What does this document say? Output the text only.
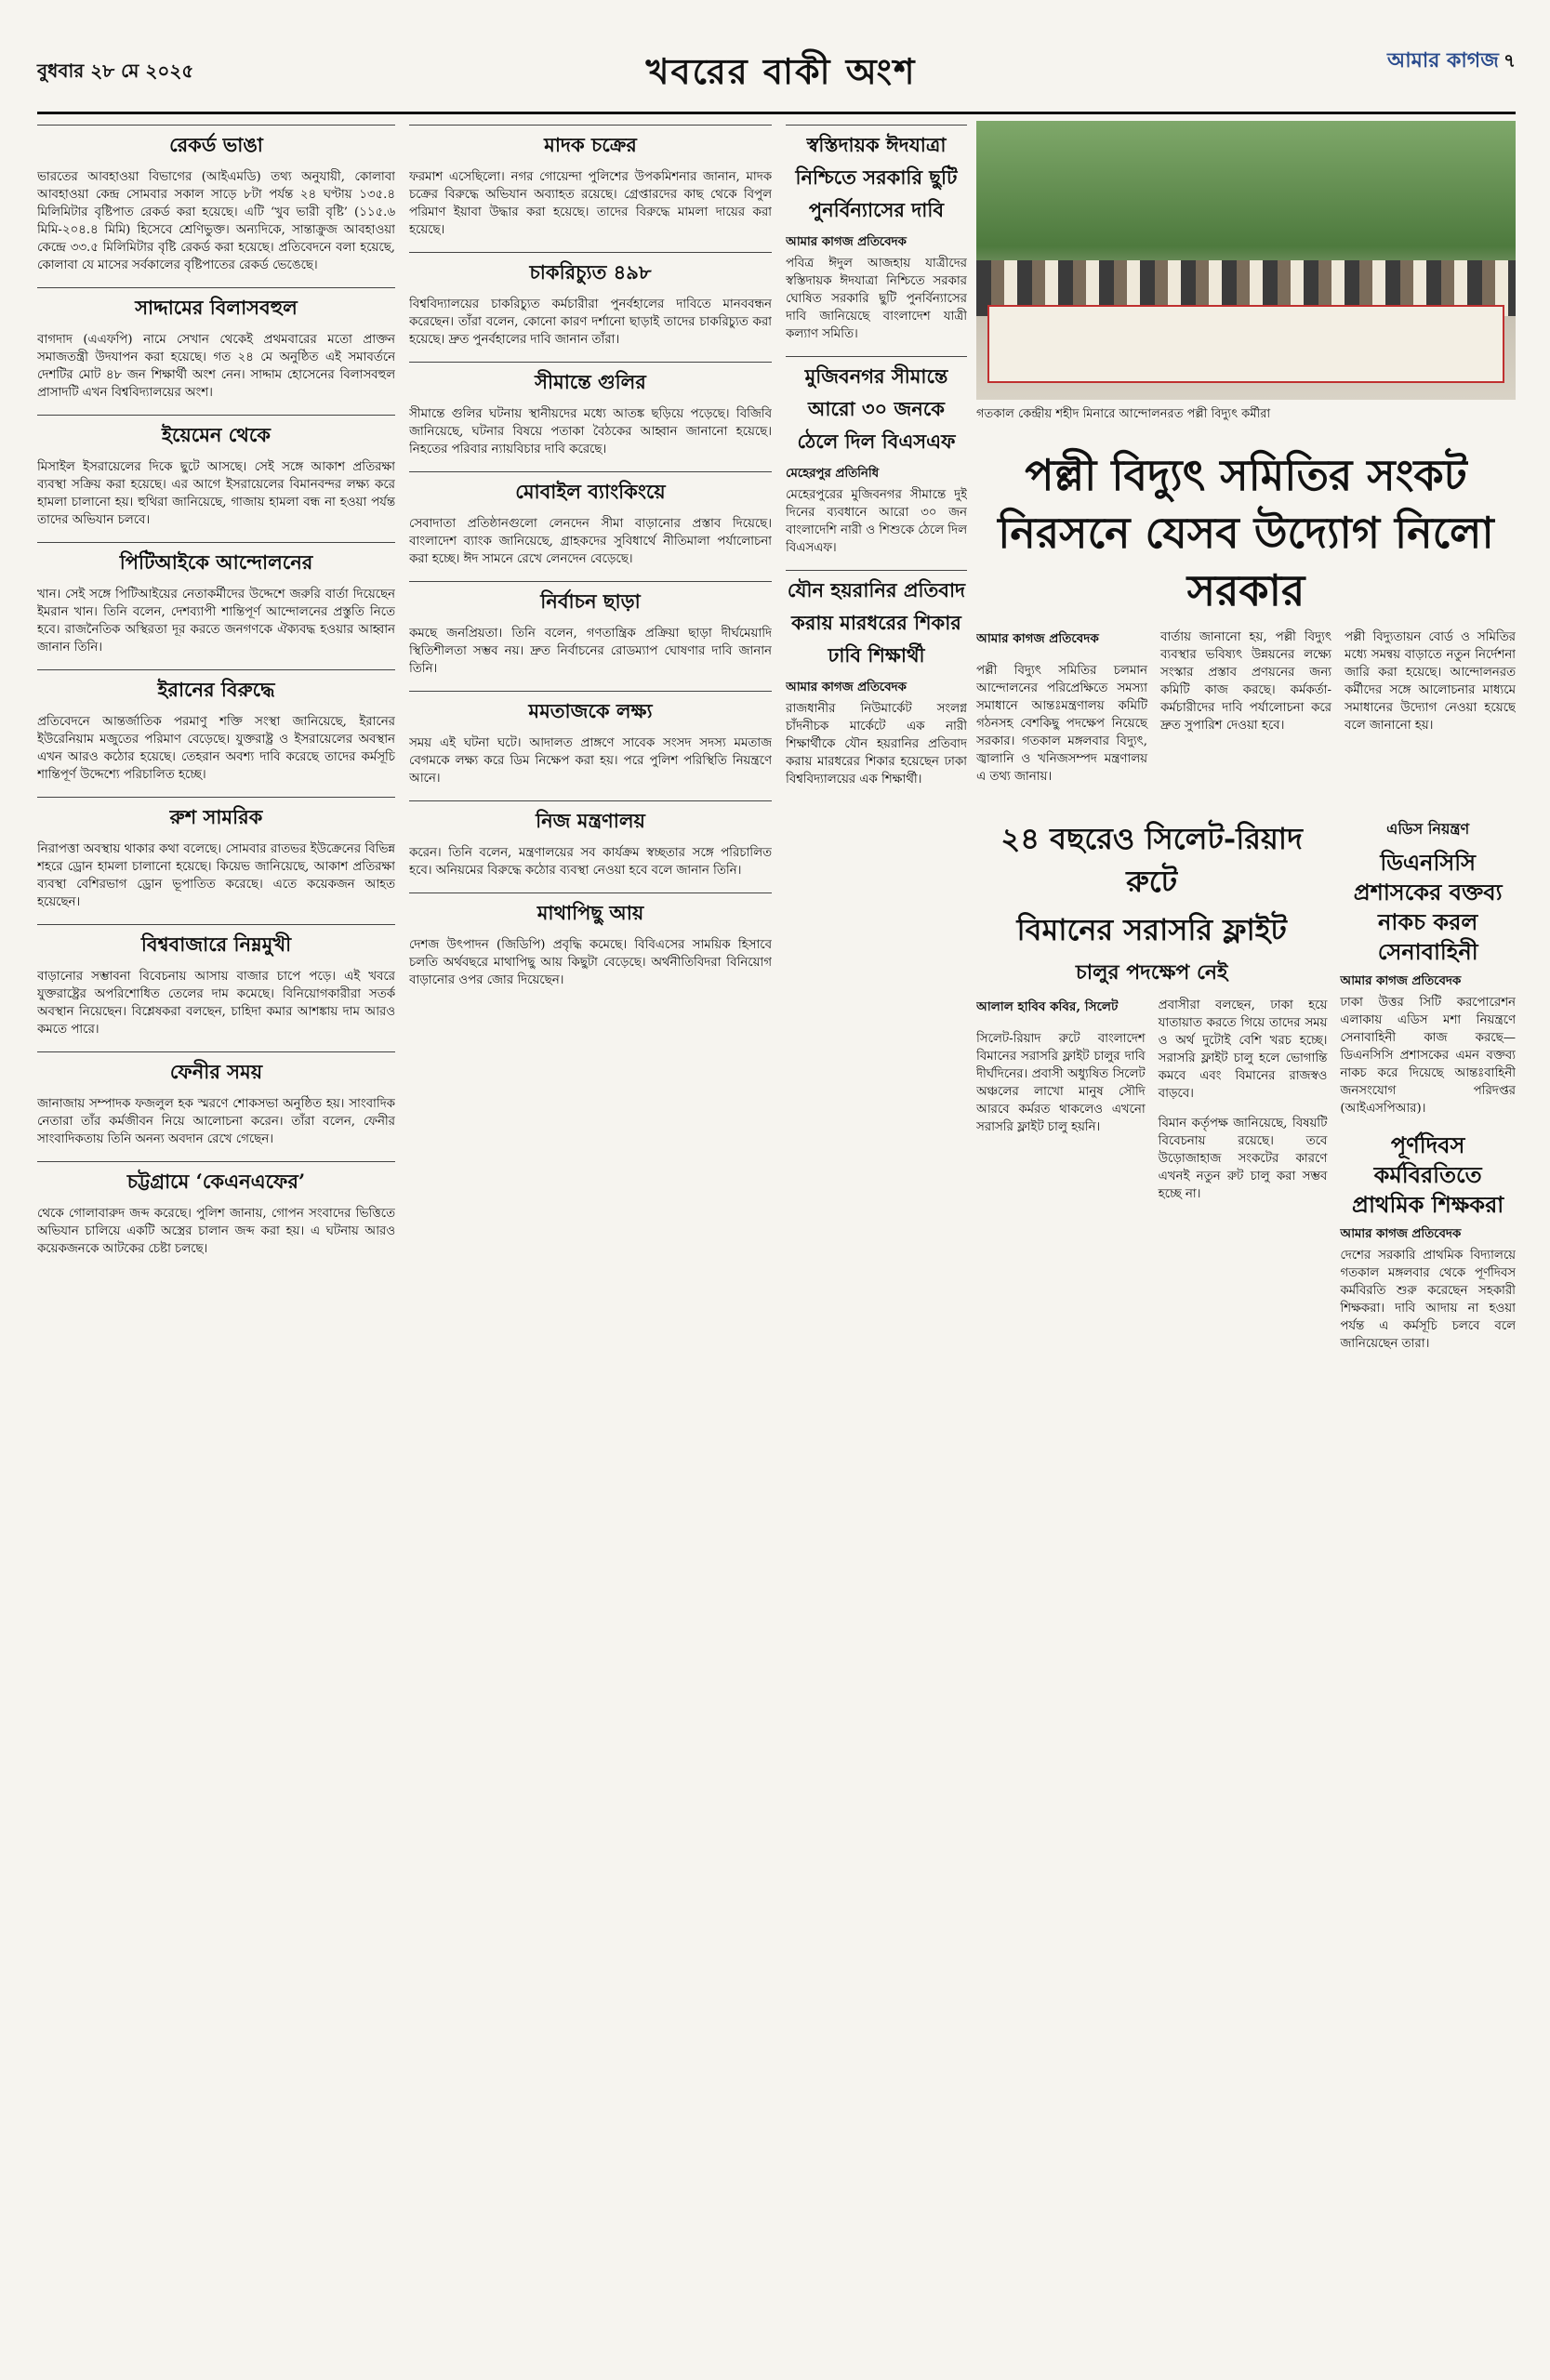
বুধবার ২৮ মে ২০২৫	খবরের বাকী অংশ	আমার কাগজ ৭
রেকর্ড ভাঙা

ভারতের আবহাওয়া বিভাগের (আইএমডি) তথ্য অনুযায়ী, কোলাবা আবহাওয়া কেন্দ্র সোমবার সকাল সাড়ে ৮টা পর্যন্ত ২৪ ঘণ্টায় ১৩৫.৪ মিলিমিটার বৃষ্টিপাত রেকর্ড করা হয়েছে। এটি ‘খুব ভারী বৃষ্টি’ (১১৫.৬ মিমি-২০৪.৪ মিমি) হিসেবে শ্রেণিভুক্ত। অন্যদিকে, সান্তাক্রুজ আবহাওয়া কেন্দ্রে ৩৩.৫ মিলিমিটার বৃষ্টি রেকর্ড করা হয়েছে। প্রতিবেদনে বলা হয়েছে, কোলাবা যে মাসের সর্বকালের বৃষ্টিপাতের রেকর্ড ভেঙেছে।

সাদ্দামের বিলাসবহুল

বাগদাদ (এএফপি) নামে সেখান থেকেই প্রথমবারের মতো প্রাক্তন সমাজতন্ত্রী উদযাপন করা হয়েছে। গত ২৪ মে অনুষ্ঠিত এই সমাবর্তনে দেশটির মোট ৪৮ জন শিক্ষার্থী অংশ নেন। সাদ্দাম হোসেনের বিলাসবহুল প্রাসাদটি এখন বিশ্ববিদ্যালয়ের অংশ।

ইয়েমেন থেকে

মিসাইল ইসরায়েলের দিকে ছুটে আসছে। সেই সঙ্গে আকাশ প্রতিরক্ষা ব্যবস্থা সক্রিয় করা হয়েছে। এর আগে ইসরায়েলের বিমানবন্দর লক্ষ্য করে হামলা চালানো হয়। হুথিরা জানিয়েছে, গাজায় হামলা বন্ধ না হওয়া পর্যন্ত তাদের অভিযান চলবে।

পিটিআইকে আন্দোলনের

খান। সেই সঙ্গে পিটিআইয়ের নেতাকর্মীদের উদ্দেশে জরুরি বার্তা দিয়েছেন ইমরান খান। তিনি বলেন, দেশব্যাপী শান্তিপূর্ণ আন্দোলনের প্রস্তুতি নিতে হবে। রাজনৈতিক অস্থিরতা দূর করতে জনগণকে ঐক্যবদ্ধ হওয়ার আহ্বান জানান তিনি।

ইরানের বিরুদ্ধে

প্রতিবেদনে আন্তর্জাতিক পরমাণু শক্তি সংস্থা জানিয়েছে, ইরানের ইউরেনিয়াম মজুতের পরিমাণ বেড়েছে। যুক্তরাষ্ট্র ও ইসরায়েলের অবস্থান এখন আরও কঠোর হয়েছে। তেহরান অবশ্য দাবি করেছে তাদের কর্মসূচি শান্তিপূর্ণ উদ্দেশ্যে পরিচালিত হচ্ছে।

রুশ সামরিক

নিরাপত্তা অবস্থায় থাকার কথা বলেছে। সোমবার রাতভর ইউক্রেনের বিভিন্ন শহরে ড্রোন হামলা চালানো হয়েছে। কিয়েভ জানিয়েছে, আকাশ প্রতিরক্ষা ব্যবস্থা বেশিরভাগ ড্রোন ভূপাতিত করেছে। এতে কয়েকজন আহত হয়েছেন।

বিশ্ববাজারে নিম্নমুখী

বাড়ানোর সম্ভাবনা বিবেচনায় আসায় বাজার চাপে পড়ে। এই খবরে যুক্তরাষ্ট্রের অপরিশোধিত তেলের দাম কমেছে। বিনিয়োগকারীরা সতর্ক অবস্থান নিয়েছেন। বিশ্লেষকরা বলছেন, চাহিদা কমার আশঙ্কায় দাম আরও কমতে পারে।

ফেনীর সময়

জানাজায় সম্পাদক ফজলুল হক স্মরণে শোকসভা অনুষ্ঠিত হয়। সাংবাদিক নেতারা তাঁর কর্মজীবন নিয়ে আলোচনা করেন। তাঁরা বলেন, ফেনীর সাংবাদিকতায় তিনি অনন্য অবদান রেখে গেছেন।

চট্টগ্রামে ‘কেএনএফের’

থেকে গোলাবারুদ জব্দ করেছে। পুলিশ জানায়, গোপন সংবাদের ভিত্তিতে অভিযান চালিয়ে একটি অস্ত্রের চালান জব্দ করা হয়। এ ঘটনায় আরও কয়েকজনকে আটকের চেষ্টা চলছে।

মাদক চক্রের

ফরমাশ এসেছিলো। নগর গোয়েন্দা পুলিশের উপকমিশনার জানান, মাদক চক্রের বিরুদ্ধে অভিযান অব্যাহত রয়েছে। গ্রেপ্তারদের কাছ থেকে বিপুল পরিমাণ ইয়াবা উদ্ধার করা হয়েছে। তাদের বিরুদ্ধে মামলা দায়ের করা হয়েছে।

চাকরিচ্যুত ৪৯৮

বিশ্ববিদ্যালয়ের চাকরিচ্যুত কর্মচারীরা পুনর্বহালের দাবিতে মানববন্ধন করেছেন। তাঁরা বলেন, কোনো কারণ দর্শানো ছাড়াই তাদের চাকরিচ্যুত করা হয়েছে। দ্রুত পুনর্বহালের দাবি জানান তাঁরা।

সীমান্তে গুলির

সীমান্তে গুলির ঘটনায় স্থানীয়দের মধ্যে আতঙ্ক ছড়িয়ে পড়েছে। বিজিবি জানিয়েছে, ঘটনার বিষয়ে পতাকা বৈঠকের আহ্বান জানানো হয়েছে। নিহতের পরিবার ন্যায়বিচার দাবি করেছে।

মোবাইল ব্যাংকিংয়ে

সেবাদাতা প্রতিষ্ঠানগুলো লেনদেন সীমা বাড়ানোর প্রস্তাব দিয়েছে। বাংলাদেশ ব্যাংক জানিয়েছে, গ্রাহকদের সুবিধার্থে নীতিমালা পর্যালোচনা করা হচ্ছে। ঈদ সামনে রেখে লেনদেন বেড়েছে।

নির্বাচন ছাড়া

কমছে জনপ্রিয়তা। তিনি বলেন, গণতান্ত্রিক প্রক্রিয়া ছাড়া দীর্ঘমেয়াদি স্থিতিশীলতা সম্ভব নয়। দ্রুত নির্বাচনের রোডম্যাপ ঘোষণার দাবি জানান তিনি।

মমতাজকে লক্ষ্য

সময় এই ঘটনা ঘটে। আদালত প্রাঙ্গণে সাবেক সংসদ সদস্য মমতাজ বেগমকে লক্ষ্য করে ডিম নিক্ষেপ করা হয়। পরে পুলিশ পরিস্থিতি নিয়ন্ত্রণে আনে।

নিজ মন্ত্রণালয়

করেন। তিনি বলেন, মন্ত্রণালয়ের সব কার্যক্রম স্বচ্ছতার সঙ্গে পরিচালিত হবে। অনিয়মের বিরুদ্ধে কঠোর ব্যবস্থা নেওয়া হবে বলে জানান তিনি।

মাথাপিছু আয়

দেশজ উৎপাদন (জিডিপি) প্রবৃদ্ধি কমেছে। বিবিএসের সাময়িক হিসাবে চলতি অর্থবছরে মাথাপিছু আয় কিছুটা বেড়েছে। অর্থনীতিবিদরা বিনিয়োগ বাড়ানোর ওপর জোর দিয়েছেন।

স্বস্তিদায়ক ঈদযাত্রা নিশ্চিতে সরকারি ছুটি পুনর্বিন্যাসের দাবি

আমার কাগজ প্রতিবেদক

পবিত্র ঈদুল আজহায় যাত্রীদের স্বস্তিদায়ক ঈদযাত্রা নিশ্চিতে সরকার ঘোষিত সরকারি ছুটি পুনর্বিন্যাসের দাবি জানিয়েছে বাংলাদেশ যাত্রী কল্যাণ সমিতি।

মুজিবনগর সীমান্তে আরো ৩০ জনকে ঠেলে দিল বিএসএফ

মেহেরপুর প্রতিনিধি

মেহেরপুরের মুজিবনগর সীমান্তে দুই দিনের ব্যবধানে আরো ৩০ জন বাংলাদেশি নারী ও শিশুকে ঠেলে দিল বিএসএফ।

যৌন হয়রানির প্রতিবাদ করায় মারধরের শিকার ঢাবি শিক্ষার্থী

আমার কাগজ প্রতিবেদক

রাজধানীর নিউমার্কেট সংলগ্ন চাঁদনীচক মার্কেটে এক নারী শিক্ষার্থীকে যৌন হয়রানির প্রতিবাদ করায় মারধরের শিকার হয়েছেন ঢাকা বিশ্ববিদ্যালয়ের এক শিক্ষার্থী।

গতকাল কেন্দ্রীয় শহীদ মিনারে আন্দোলনরত পল্লী বিদ্যুৎ কর্মীরা
পল্লী বিদ্যুৎ সমিতির সংকট নিরসনে যেসব উদ্যোগ নিলো সরকার

আমার কাগজ প্রতিবেদক

পল্লী বিদ্যুৎ সমিতির চলমান আন্দোলনের পরিপ্রেক্ষিতে সমস্যা সমাধানে আন্তঃমন্ত্রণালয় কমিটি গঠনসহ বেশকিছু পদক্ষেপ নিয়েছে সরকার। গতকাল মঙ্গলবার বিদ্যুৎ, জ্বালানি ও খনিজসম্পদ মন্ত্রণালয় এ তথ্য জানায়।

বার্তায় জানানো হয়, পল্লী বিদ্যুৎ ব্যবস্থার ভবিষ্যৎ উন্নয়নের লক্ষ্যে সংস্কার প্রস্তাব প্রণয়নের জন্য কমিটি কাজ করছে। কর্মকর্তা-কর্মচারীদের দাবি পর্যালোচনা করে দ্রুত সুপারিশ দেওয়া হবে।

পল্লী বিদ্যুতায়ন বোর্ড ও সমিতির মধ্যে সমন্বয় বাড়াতে নতুন নির্দেশনা জারি করা হয়েছে। আন্দোলনরত কর্মীদের সঙ্গে আলোচনার মাধ্যমে সমাধানের উদ্যোগ নেওয়া হয়েছে বলে জানানো হয়।

২৪ বছরেও সিলেট-রিয়াদ রুটে
বিমানের সরাসরি ফ্লাইট
চালুর পদক্ষেপ নেই

আলাল হাবিব কবির, সিলেট

সিলেট-রিয়াদ রুটে বাংলাদেশ বিমানের সরাসরি ফ্লাইট চালুর দাবি দীর্ঘদিনের। প্রবাসী অধ্যুষিত সিলেট অঞ্চলের লাখো মানুষ সৌদি আরবে কর্মরত থাকলেও এখনো সরাসরি ফ্লাইট চালু হয়নি।

প্রবাসীরা বলছেন, ঢাকা হয়ে যাতায়াত করতে গিয়ে তাদের সময় ও অর্থ দুটোই বেশি খরচ হচ্ছে। সরাসরি ফ্লাইট চালু হলে ভোগান্তি কমবে এবং বিমানের রাজস্বও বাড়বে।

বিমান কর্তৃপক্ষ জানিয়েছে, বিষয়টি বিবেচনায় রয়েছে। তবে উড়োজাহাজ সংকটের কারণে এখনই নতুন রুট চালু করা সম্ভব হচ্ছে না।

এডিস নিয়ন্ত্রণ
ডিএনসিসি প্রশাসকের বক্তব্য নাকচ করল সেনাবাহিনী

আমার কাগজ প্রতিবেদক

ঢাকা উত্তর সিটি করপোরেশন এলাকায় এডিস মশা নিয়ন্ত্রণে সেনাবাহিনী কাজ করছে— ডিএনসিসি প্রশাসকের এমন বক্তব্য নাকচ করে দিয়েছে আন্তঃবাহিনী জনসংযোগ পরিদপ্তর (আইএসপিআর)।

পূর্ণদিবস কর্মবিরতিতে প্রাথমিক শিক্ষকরা

আমার কাগজ প্রতিবেদক

দেশের সরকারি প্রাথমিক বিদ্যালয়ে গতকাল মঙ্গলবার থেকে পূর্ণদিবস কর্মবিরতি শুরু করেছেন সহকারী শিক্ষকরা। দাবি আদায় না হওয়া পর্যন্ত এ কর্মসূচি চলবে বলে জানিয়েছেন তারা।
